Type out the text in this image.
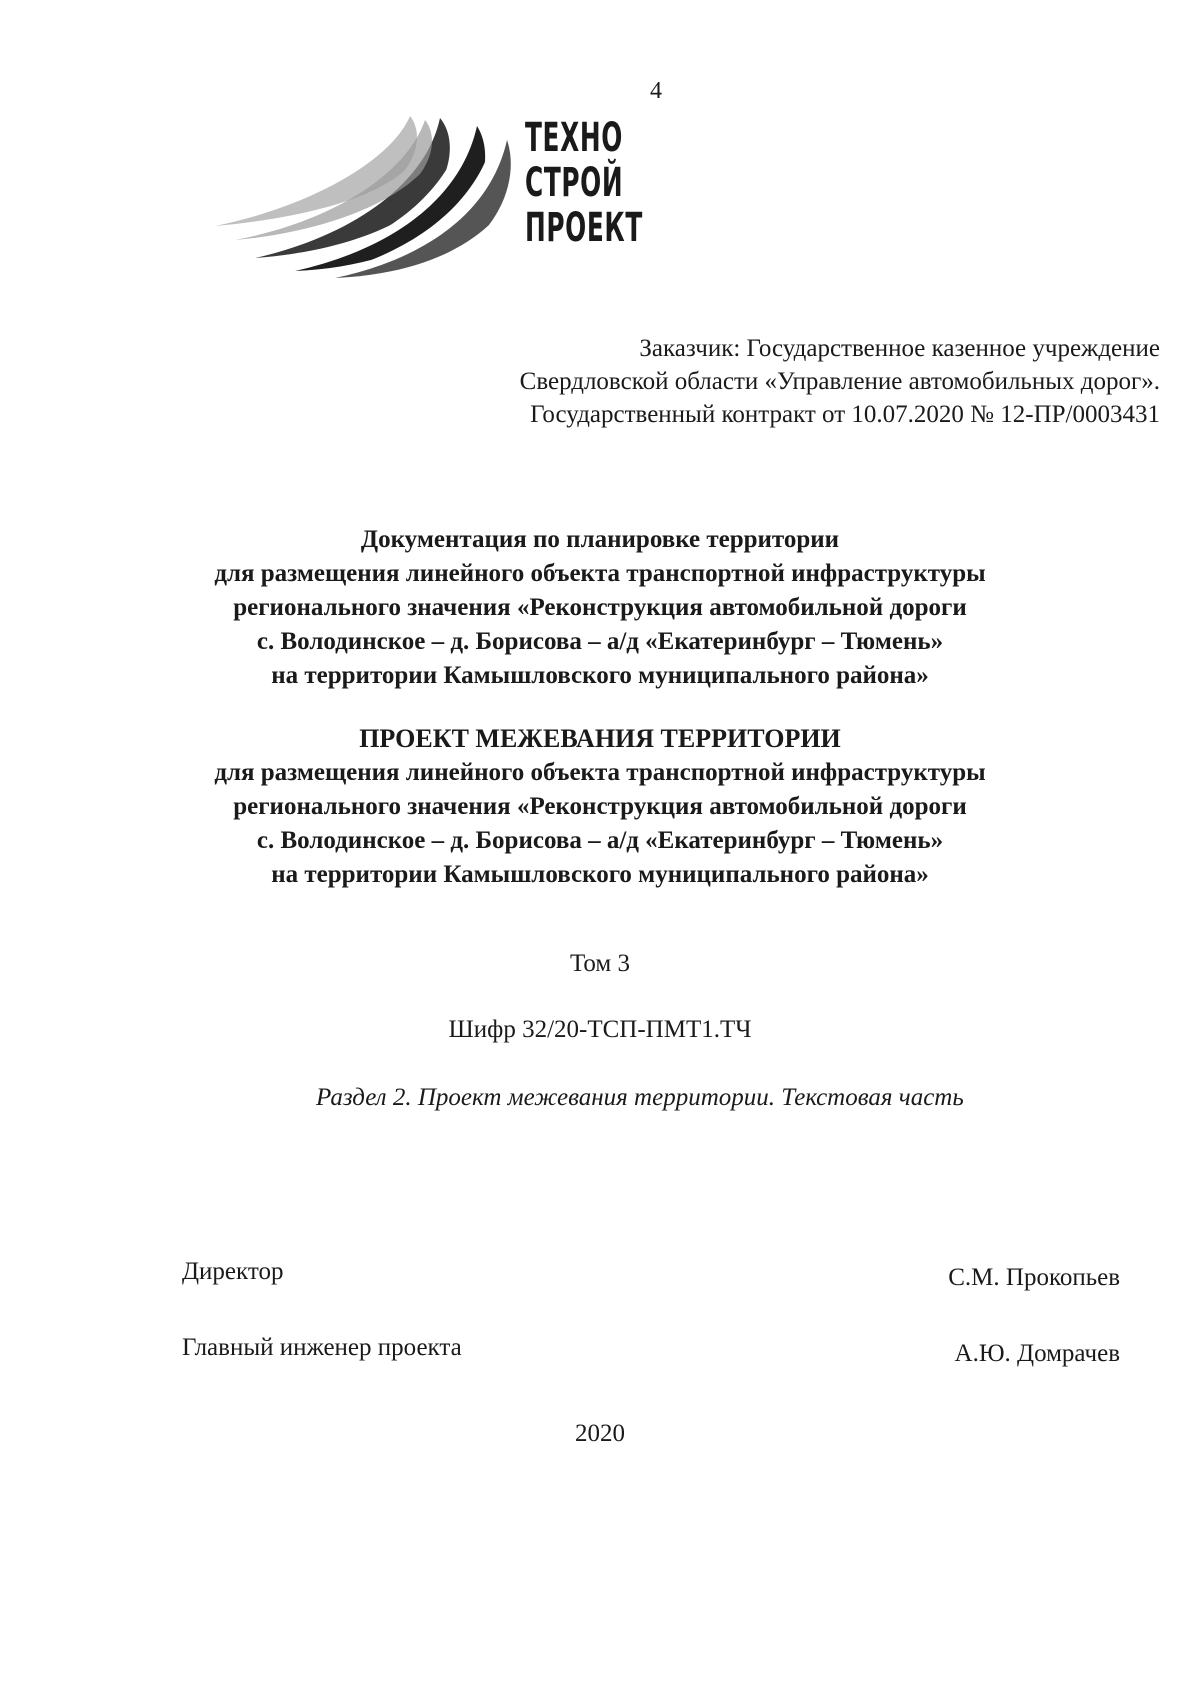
4
ТЕХНО
СТРОЙ
ПРОЕКТ
Заказчик: Государственное казенное учреждение
Свердловской области «Управление автомобильных дорог».
Государственный контракт от 10.07.2020 № 12-ПР/0003431
Документация по планировке территории
для размещения линейного объекта транспортной инфраструктуры
регионального значения «Реконструкция автомобильной дороги
с. Володинское – д. Борисова – а/д «Екатеринбург – Тюмень»
на территории Камышловского муниципального района»
ПРОЕКТ МЕЖЕВАНИЯ ТЕРРИТОРИИ
для размещения линейного объекта транспортной инфраструктуры
регионального значения «Реконструкция автомобильной дороги
с. Володинское – д. Борисова – а/д «Екатеринбург – Тюмень»
на территории Камышловского муниципального района»
Том 3
Шифр 32/20-ТСП-ПМТ1.ТЧ
Раздел 2. Проект межевания территории. Текстовая часть
Директор	С.М. Прокопьев
Главный инженер проекта	А.Ю. Домрачев
2020
